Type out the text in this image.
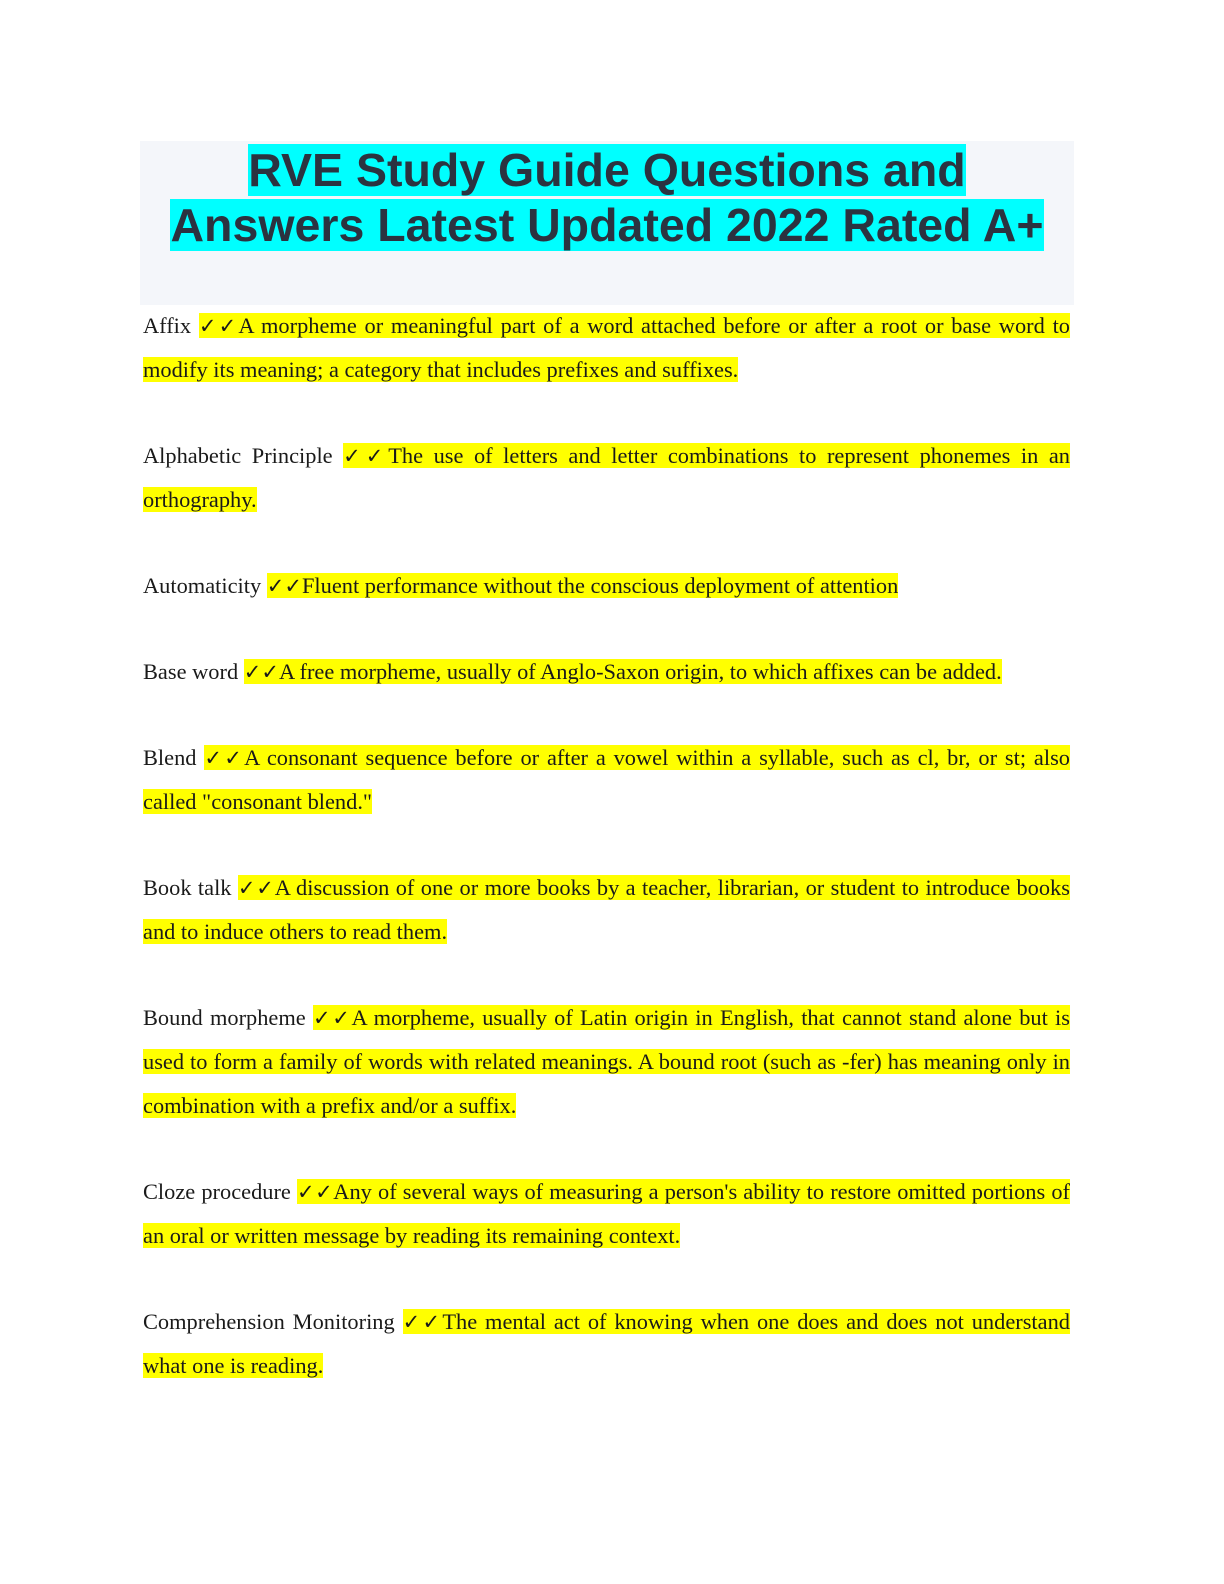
RVE Study Guide Questions and

Answers Latest Updated 2022 Rated A+

Affix ✓✓A morpheme or meaningful part of a word attached before or after a root or base word to modify its meaning; a category that includes prefixes and suffixes.

Alphabetic Principle ✓✓The use of letters and letter combinations to represent phonemes in an orthography.

Automaticity ✓✓Fluent performance without the conscious deployment of attention

Base word ✓✓A free morpheme, usually of Anglo-Saxon origin, to which affixes can be added.

Blend ✓✓A consonant sequence before or after a vowel within a syllable, such as cl, br, or st; also called "consonant blend."

Book talk ✓✓A discussion of one or more books by a teacher, librarian, or student to introduce books and to induce others to read them.

Bound morpheme ✓✓A morpheme, usually of Latin origin in English, that cannot stand alone but is used to form a family of words with related meanings. A bound root (such as -fer) has meaning only in combination with a prefix and/or a suffix.

Cloze procedure ✓✓Any of several ways of measuring a person's ability to restore omitted portions of an oral or written message by reading its remaining context.

Comprehension Monitoring ✓✓The mental act of knowing when one does and does not understand what one is reading.
